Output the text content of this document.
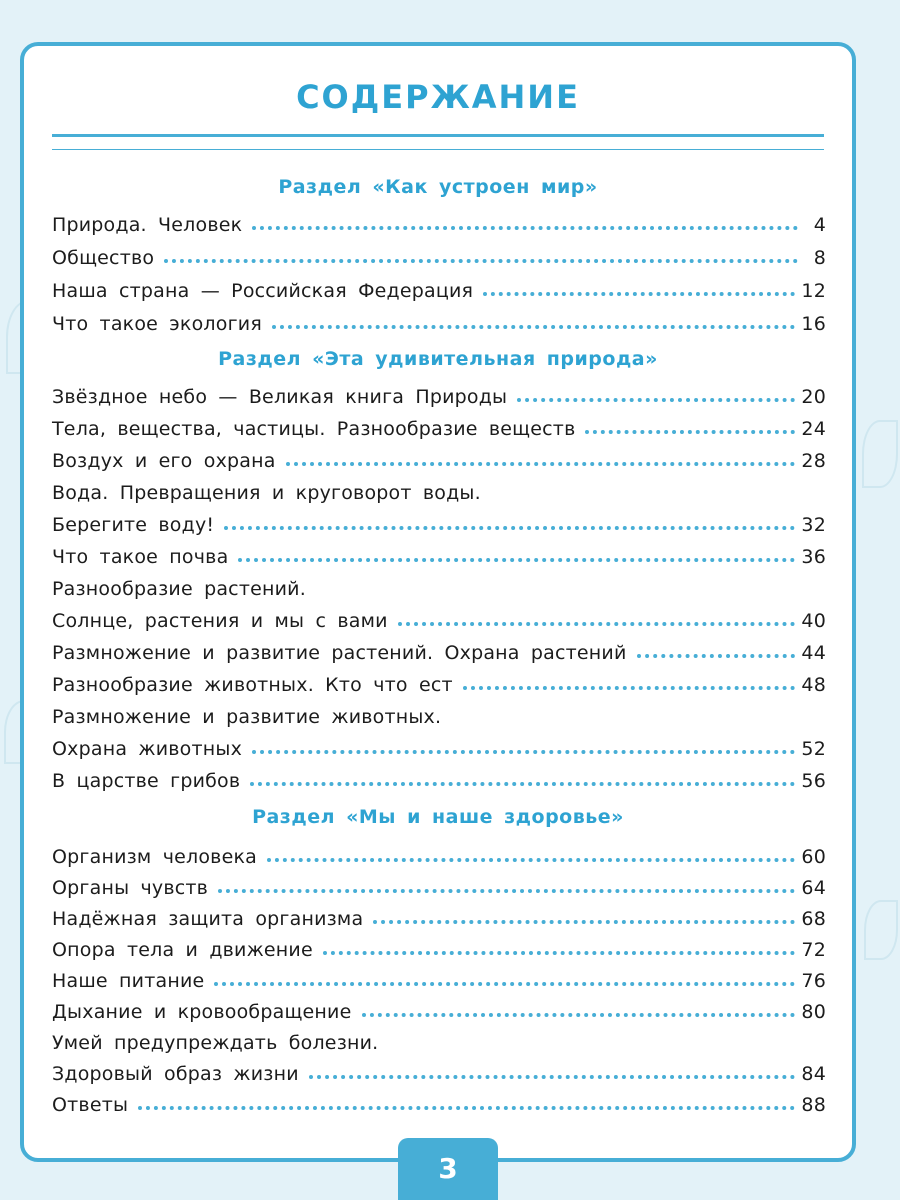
СОДЕРЖАНИЕ
Раздел «Как устроен мир»
Природа. Человек	4
Общество	8
Наша страна — Российская Федерация	12
Что такое экология	16
Раздел «Эта удивительная природа»
Звёздное небо — Великая книга Природы	20
Тела, вещества, частицы. Разнообразие веществ	24
Воздух и его охрана	28
Вода. Превращения и круговорот воды.
Берегите воду!	32
Что такое почва	36
Разнообразие растений.
Солнце, растения и мы с вами	40
Размножение и развитие растений. Охрана растений	44
Разнообразие животных. Кто что ест	48
Размножение и развитие животных.
Охрана животных	52
В царстве грибов	56
Раздел «Мы и наше здоровье»
Организм человека	60
Органы чувств	64
Надёжная защита организма	68
Опора тела и движение	72
Наше питание	76
Дыхание и кровообращение	80
Умей предупреждать болезни.
Здоровый образ жизни	84
Ответы	88
3
